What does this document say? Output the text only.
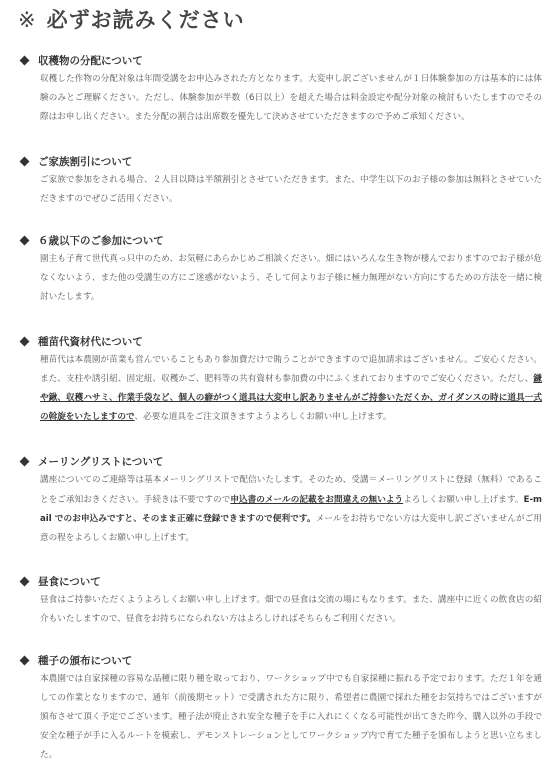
※ 必ずお読みください
収穫物の分配について
収穫した作物の分配対象は年間受講をお申込みされた方となります。大変申し訳ございませんが１日体験参加の方は基本的には体験のみとご理解ください。ただし、体験参加が半数（6日以上）を超えた場合は料金設定や配分対象の検討もいたしますのでその際はお申し出ください。また分配の割合は出席数を優先して決めさせていただきますので予めご承知ください。
ご家族割引について
ご家族で参加をされる場合、２人目以降は半額割引とさせていただきます。また、中学生以下のお子様の参加は無料とさせていただきますのでぜひご活用ください。
６歳以下のご参加について
園主も子育て世代真っ只中のため、お気軽にあらかじめご相談ください。畑にはいろんな生き物が棲んでおりますのでお子様が危なくないよう、また他の受講生の方にご迷惑がないよう、そして何よりお子様に極力無理がない方向にするための方法を一緒に検討いたします。
種苗代資材代について
種苗代は本農園が苗業も営んでいることもあり参加費だけで賄うことができますので追加請求はございません。ご安心ください。また、支柱や誘引紐、固定紐、収穫かご、肥料等の共有資材も参加費の中にふくまれておりますのでご安心ください。ただし、鎌や鍬、収穫ハサミ、作業手袋など、個人の癖がつく道具は大変申し訳ありませんがご持参いただくか、ガイダンスの時に道具一式の斡旋をいたしますので、必要な道具をご注文頂きますようよろしくお願い申し上げます。
メーリングリストについて
講座についてのご連絡等は基本メーリングリストで配信いたします。そのため、受講＝メーリングリストに登録（無料）であることをご承知おきください。手続きは不要ですので申込書のメールの記載をお間違えの無いようよろしくお願い申し上げます。E-mail でのお申込みですと、そのまま正確に登録できますので便利です。メールをお持ちでない方は大変申し訳ございませんがご用意の程をよろしくお願い申し上げます。
昼食について
昼食はご持参いただくようよろしくお願い申し上げます。畑での昼食は交流の場にもなります。また、講座中に近くの飲食店の紹介もいたしますので、昼食をお持ちになられない方はよろしければそちらもご利用ください。
種子の頒布について
本農園では自家採種の容易な品種に限り種を取っており、ワークショップ中でも自家採種に振れる予定でおります。ただ１年を通しての作業となりますので、通年（前後期セット）で受講された方に限り、希望者に農園で採れた種をお気持ちではございますが頒布させて頂く予定でございます。種子法が廃止され安全な種子を手に入れにくくなる可能性が出てきた昨今、購入以外の手段で安全な種子が手に入るルートを模索し、デモンストレーションとしてワークショップ内で育てた種子を頒布しようと思い立ちました。
